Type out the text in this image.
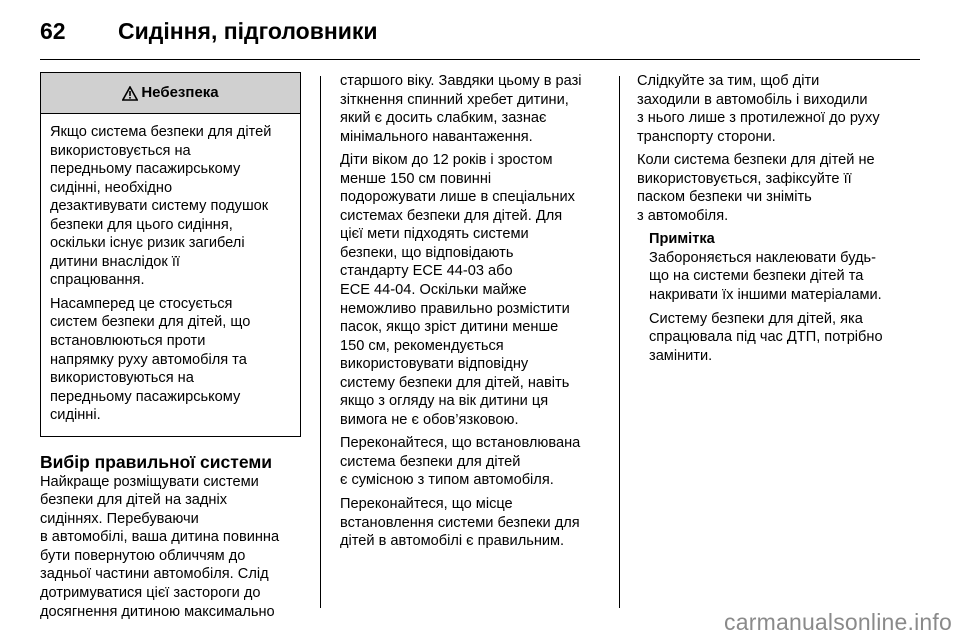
62 Сидіння, підголовники
Небезпека

Якщо система безпеки для дітей
використовується на
передньому пасажирському
сидінні, необхідно
дезактивувати систему подушок
безпеки для цього сидіння,
оскільки існує ризик загибелі
дитини внаслідок її
спрацювання.

Насамперед це стосується
систем безпеки для дітей, що
встановлюються проти
напрямку руху автомобіля та
використовуються на
передньому пасажирському
сидінні.

Вибір правильної системи

Найкраще розміщувати системи
безпеки для дітей на задніх
сидіннях. Перебуваючи
в автомобілі, ваша дитина повинна
бути повернутою обличчям до
задньої частини автомобіля. Слід
дотримуватися цієї застороги до
досягнення дитиною максимально

старшого віку. Завдяки цьому в разі
зіткнення спинний хребет дитини,
який є досить слабким, зазнає
мінімального навантаження.

Діти віком до 12 років і зростом
менше 150 см повинні
подорожувати лише в спеціальних
системах безпеки для дітей. Для
цієї мети підходять системи
безпеки, що відповідають
стандарту ECE 44-03 або
ECE 44-04. Оскільки майже
неможливо правильно розмістити
пасок, якщо зріст дитини менше
150 см, рекомендується
використовувати відповідну
систему безпеки для дітей, навіть
якщо з огляду на вік дитини ця
вимога не є обов’язковою.

Переконайтеся, що встановлювана
система безпеки для дітей
є сумісною з типом автомобіля.

Переконайтеся, що місце
встановлення системи безпеки для
дітей в автомобілі є правильним.

Слідкуйте за тим, щоб діти
заходили в автомобіль і виходили
з нього лише з протилежної до руху
транспорту сторони.

Коли система безпеки для дітей не
використовується, зафіксуйте її
паском безпеки чи зніміть
з автомобіля.

Примітка

Забороняється наклеювати будь-
що на системи безпеки дітей та
накривати їх іншими матеріалами.

Систему безпеки для дітей, яка
спрацювала під час ДТП, потрібно
замінити.

carmanualsonline.info
